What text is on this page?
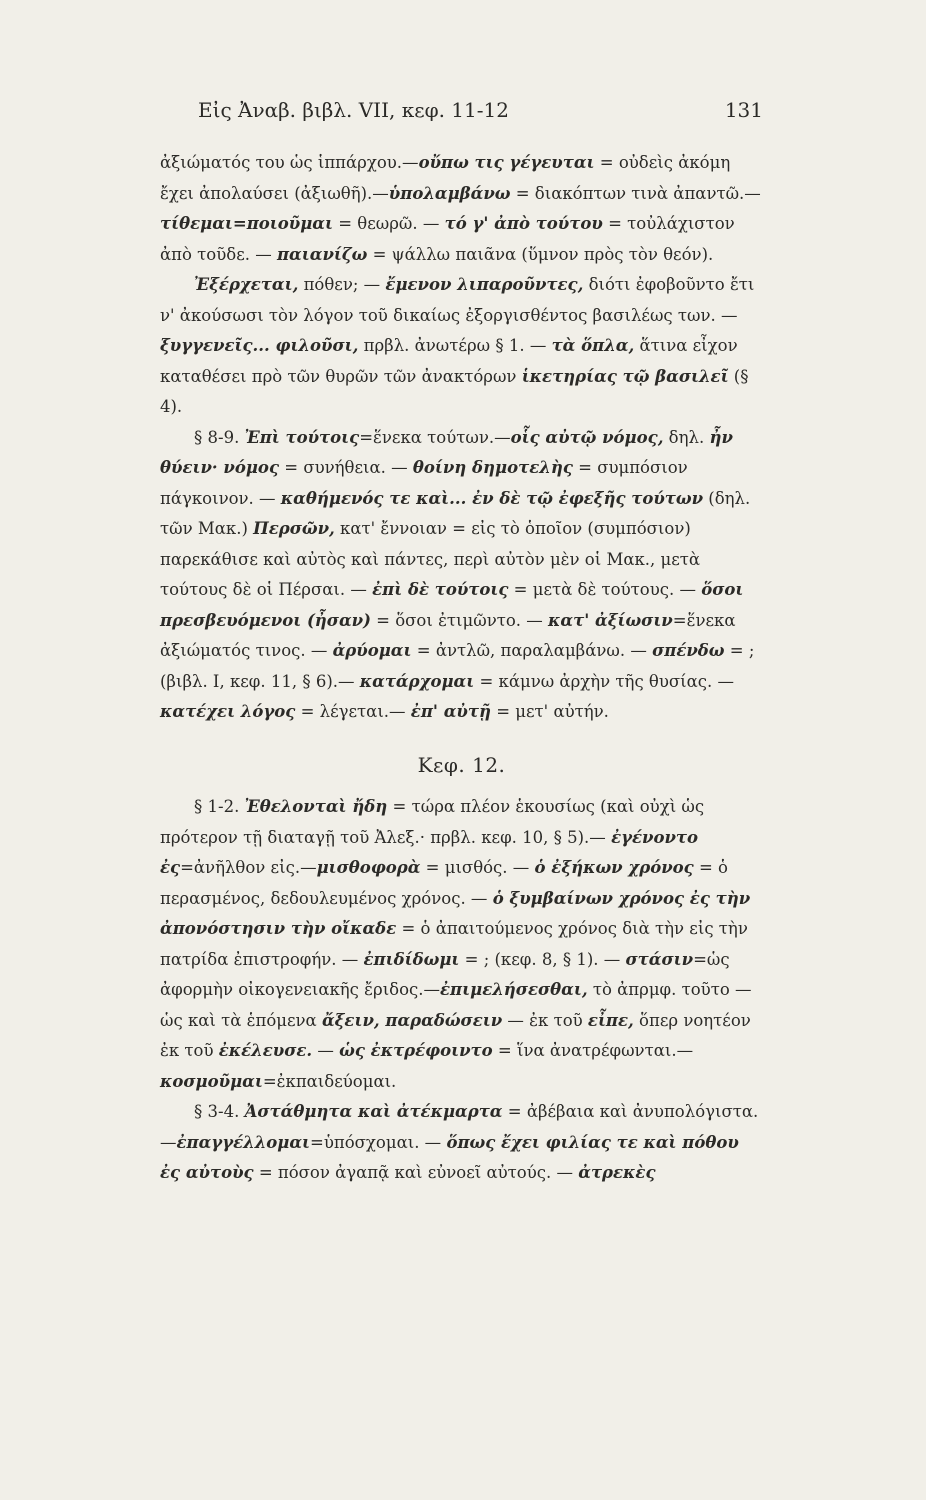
Εἰς Ἀναβ. βιβλ. VII, κεφ. 11-12	131

ἀξιώματός του ὡς ἱππάρχου.—οὔπω τις γέγευται = οὐδεὶς ἀκόμη ἔχει ἀπολαύσει (ἀξιωθῆ).—ὑπολαμβάνω = διακόπτων τινὰ ἀπαντῶ.—τίθεμαι=ποιοῦμαι = θεωρῶ. — τό γ' ἀπὸ τούτου = τοὐλάχιστον ἀπὸ τοῦδε. — παιανίζω = ψάλλω παιᾶνα (ὕμνον πρὸς τὸν θεόν).

Ἐξέρχεται, πόθεν; — ἔμενον λιπαροῦντες, διότι ἐφοβοῦντο ἔτι ν' ἀκούσωσι τὸν λόγον τοῦ δικαίως ἐξοργισθέντος βασιλέως των. — ξυγγενεῖς... φιλοῦσι, πρβλ. ἀνωτέρω § 1. — τὰ ὅπλα, ἅτινα εἶχον καταθέσει πρὸ τῶν θυρῶν τῶν ἀνακτόρων ἱκετηρίας τῷ βασιλεῖ (§ 4).

§ 8-9. Ἐπὶ τούτοις=ἕνεκα τούτων.—οἷς αὐτῷ νόμος, δηλ. ἦν θύειν· νόμος = συνήθεια. — θοίνη δημοτελὴς = συμπόσιον πάγκοινον. — καθήμενός τε καὶ... ἐν δὲ τῷ ἐφεξῆς τούτων (δηλ. τῶν Μακ.) Περσῶν, κατ' ἔννοιαν = εἰς τὸ ὁποῖον (συμπόσιον) παρεκάθισε καὶ αὐτὸς καὶ πάντες, περὶ αὐτὸν μὲν οἱ Μακ., μετὰ τούτους δὲ οἱ Πέρσαι. — ἐπὶ δὲ τούτοις = μετὰ δὲ τούτους. — ὅσοι πρεσβευόμενοι (ἦσαν) = ὅσοι ἐτιμῶντο. — κατ' ἀξίωσιν=ἕνεκα ἀξιώματός τινος. — ἀρύομαι = ἀντλῶ, παραλαμβάνω. — σπένδω = ; (βιβλ. I, κεφ. 11, § 6).— κατάρχομαι = κάμνω ἀρχὴν τῆς θυσίας. — κατέχει λόγος = λέγεται.— ἐπ' αὐτῇ = μετ' αὐτήν.

Κεφ. 12.

§ 1-2. Ἐθελονταὶ ἤδη = τώρα πλέον ἑκουσίως (καὶ οὐχὶ ὡς πρότερον τῇ διαταγῇ τοῦ Ἀλεξ.· πρβλ. κεφ. 10, § 5).— ἐγένοντο ἐς=ἀνῆλθον εἰς.—μισθοφορὰ = μισθός. — ὁ ἐξήκων χρόνος = ὁ περασμένος, δεδουλευμένος χρόνος. — ὁ ξυμβαίνων χρόνος ἐς τὴν ἀπονόστησιν τὴν οἴκαδε = ὁ ἀπαιτούμενος χρόνος διὰ τὴν εἰς τὴν πατρίδα ἐπιστροφήν. — ἐπιδίδωμι = ; (κεφ. 8, § 1). — στάσιν=ὡς ἀφορμὴν οἰκογενειακῆς ἔριδος.—ἐπιμελήσεσθαι, τὸ ἀπρμφ. τοῦτο — ὡς καὶ τὰ ἑπόμενα ἄξειν, παραδώσειν — ἐκ τοῦ εἶπε, ὅπερ νοητέον ἐκ τοῦ ἐκέλευσε. — ὡς ἐκτρέφοιντο = ἵνα ἀνατρέφωνται.—κοσμοῦμαι=ἐκπαιδεύομαι.

§ 3-4. Ἀστάθμητα καὶ ἀτέκμαρτα = ἀβέβαια καὶ ἀνυπολόγιστα.—ἐπαγγέλλομαι=ὑπόσχομαι. — ὅπως ἔχει φιλίας τε καὶ πόθου ἐς αὐτοὺς = πόσον ἀγαπᾷ καὶ εὐνοεῖ αὐτούς. — ἀτρεκὲς
